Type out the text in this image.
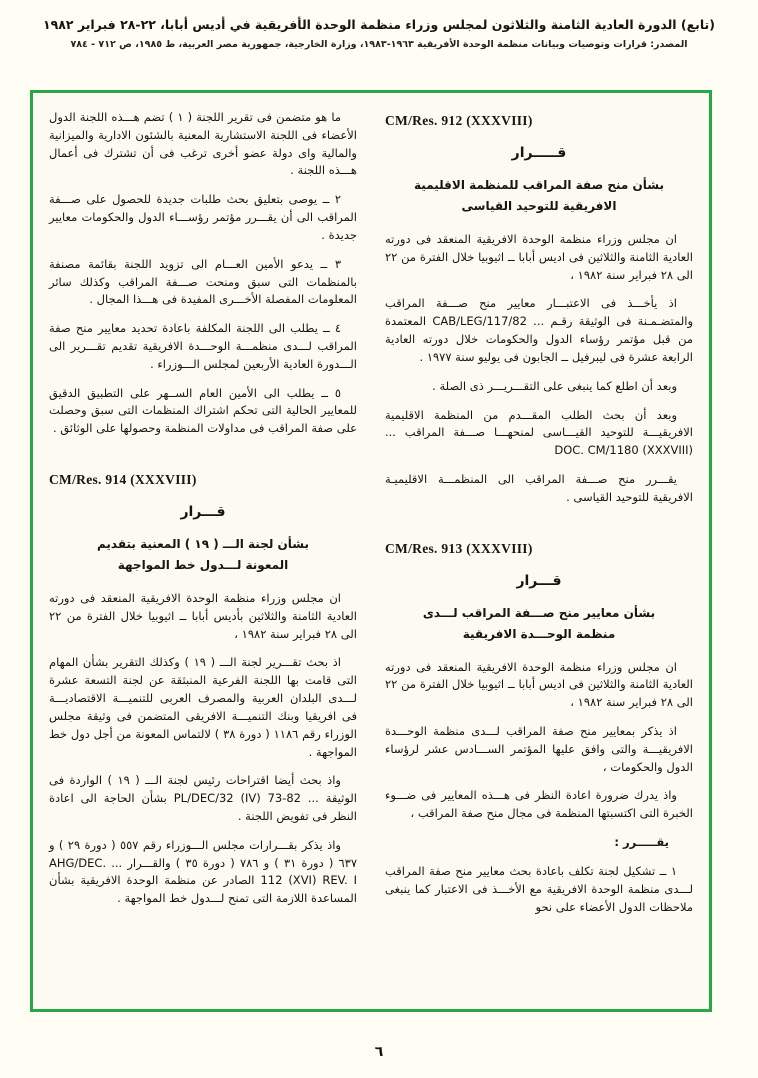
(تابع) الدورة العادية الثامنة والثلاثون لمجلس وزراء منظمة الوحدة الأفريقية في أديس أبابا، ٢٢-٢٨ فبراير ١٩٨٢
المصدر: قرارات وتوصيات وبيانات منظمة الوحدة الأفريقية ١٩٦٣-١٩٨٣، وزارة الخارجية، جمهورية مصر العربية، ط ١٩٨٥، ص ٧١٢ - ٧٨٤
CM/Res. 912 (XXXVIII)
قـــــرار
بشأن منح صفة المراقب للمنظمة الاقليمية
الافريقية للتوحيد القياسى

ان مجلس وزراء منظمة الوحدة الافريقية المنعقد فى دورته العادية الثامنة والثلاثين فى اديس أبابا ــ اثيوبيا خلال الفترة من ٢٢ الى ٢٨ فبراير سنة ١٩٨٢ ،

اذ يأخـــذ فى الاعتبـــار معايير منح صـــفة المراقب والمتضـمـنة فى الوثيقة رقـم ... CAB/LEG/117/82 المعتمدة من قبل مؤتمر رؤساء الدول والحكومات خلال دورته العادية الرابعة عشرة فى ليبرفيل ــ الجابون فى يوليو سنة ١٩٧٧ .

وبعد أن اطلع كما ينبغى على التقـــريـــر ذى الصلة .

وبعد أن بحث الطلب المقـــدم من المنظمة الاقليمية الافريقيـــة للتوحيد القيـــاسى لمنحهـــا صـــفة المراقب ... DOC. CM/1180 (XXXVIII)

يقـــرر منح صـــفة المراقب الى المنظمـــة الاقليميـة الافريقية للتوحيد القياسى .

CM/Res. 913 (XXXVIII)
قـــرار
بشأن معايير منح صـــفة المراقب لـــدى
منظمة الوحـــدة الافريقية

ان مجلس وزراء منظمة الوحدة الافريقية المنعقد فى دورته العادية الثامنة والثلاثين فى اديس أبابا ــ اثيوبيا خلال الفترة من ٢٢ الى ٢٨ فبراير سنة ١٩٨٢ ،

اذ يذكر بمعايير منح صفة المراقب لـــدى منظمة الوحـــدة الافريقيـــة والتى وافق عليها المؤتمر الســـادس عشر لرؤساء الدول والحكومات ،

واذ يدرك ضرورة اعادة النظر فى هـــذه المعايير فى ضـــوء الخبرة التى اكتسبتها المنظمة فى مجال منح صفة المراقب ،

يقـــــرر :

١ ــ تشكيل لجنة تكلف باعادة بحث معايير منح صفة المراقب لـــدى منظمة الوحدة الافريقية مع الأخـــذ فى الاعتبار كما ينبغى ملاحظات الدول الأعضاء على نحو

ما هو متضمن فى تقرير اللجنة ( ١ ) تضم هـــذه اللجنة الدول الأعضاء فى اللجنة الاستشارية المعنية بالشئون الادارية والميزانية والمالية واى دولة عضو أخرى ترغب فى أن تشترك فى أعمال هـــذه اللجنة .

٢ ــ يوصى بتعليق بحث طلبات جديدة للحصول على صـــفة المراقب الى أن يقـــرر مؤتمر رؤســـاء الدول والحكومات معايير جديدة .

٣ ــ يدعو الأمين العـــام الى تزويد اللجنة بقائمة مصنفة بالمنظمات التى سبق ومنحت صـــفة المراقب وكذلك سائر المعلومات المفصلة الأخـــرى المفيدة فى هـــذا المجال .

٤ ــ يطلب الى اللجنة المكلفة باعادة تحديد معايير منح صفة المراقب لـــدى منظمـــة الوحـــدة الافريقية تقديم تقـــرير الى الـــدورة العادية الأربعين لمجلس الـــوزراء .

٥ ــ يطلب الى الأمين العام الســهر على التطبيق الدقيق للمعايير الحالية التى تحكم اشتراك المنظمات التى سبق وحصلت على صفة المراقب فى مداولات المنظمة وحصولها على الوثائق .

CM/Res. 914 (XXXVIII)
قـــرار
بشأن لجنة الـــ ( ١٩ ) المعنية بتقديم
المعونة لـــدول خط المواجهة

ان مجلس وزراء منظمة الوحدة الافريقية المنعقد فى دورته العادية الثامنة والثلاثين بأديس أبابا ــ اثيوبيا خلال الفترة من ٢٢ الى ٢٨ فبراير سنة ١٩٨٢ ،

اذ بحث تقـــرير لجنة الـــ ( ١٩ ) وكذلك التقرير بشأن المهام التى قامت بها اللجنة الفرعية المنبثقة عن لجنة التسعة عشرة لـــدى البلدان العربية والمصرف العربى للتنميـــة الاقتصاديـــة فى افريقيا وبنك التنميـــة الافريقى المتضمن فى وثيقة مجلس الوزراء رقم ١١٨٦ ( دورة ٣٨ ) لالتماس المعونة من أجل دول خط المواجهة .

واذ بحث أيضا اقتراحات رئيس لجنة الـــ ( ١٩ ) الواردة فى الوثيقة ... PL/DEC/32 (IV) 73-82 بشأن الحاجة الى اعادة النظر فى تفويض اللجنة .

واذ يذكر بقـــرارات مجلس الـــوزراء رقم ٥٥٧ ( دورة ٢٩ ) و ٦٣٧ ( دورة ٣١ ) و ٧٨٦ ( دورة ٣٥ ) والقـــرار ... AHG/DEC. 112 (XVI) REV. I الصادر عن منظمة الوحدة الافريقية بشأن المساعدة اللازمة التى تمنح لـــدول خط المواجهة .

٦
